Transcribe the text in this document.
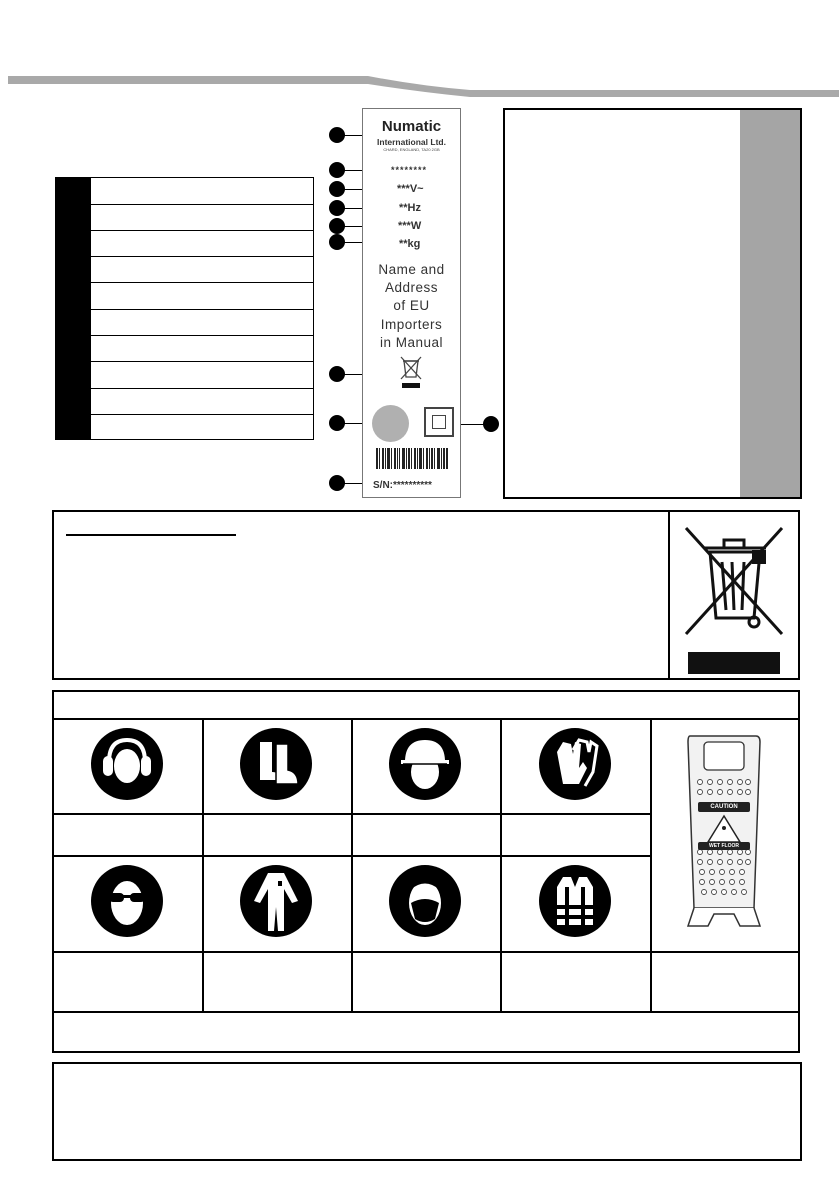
Numatic
International Ltd.
CHARD, ENGLAND, TA20 2GB
********
***V~
**Hz
***W
**kg
Name and
Address
of EU
Importers
in Manual
S/N:**********
CAUTION
WET FLOOR
